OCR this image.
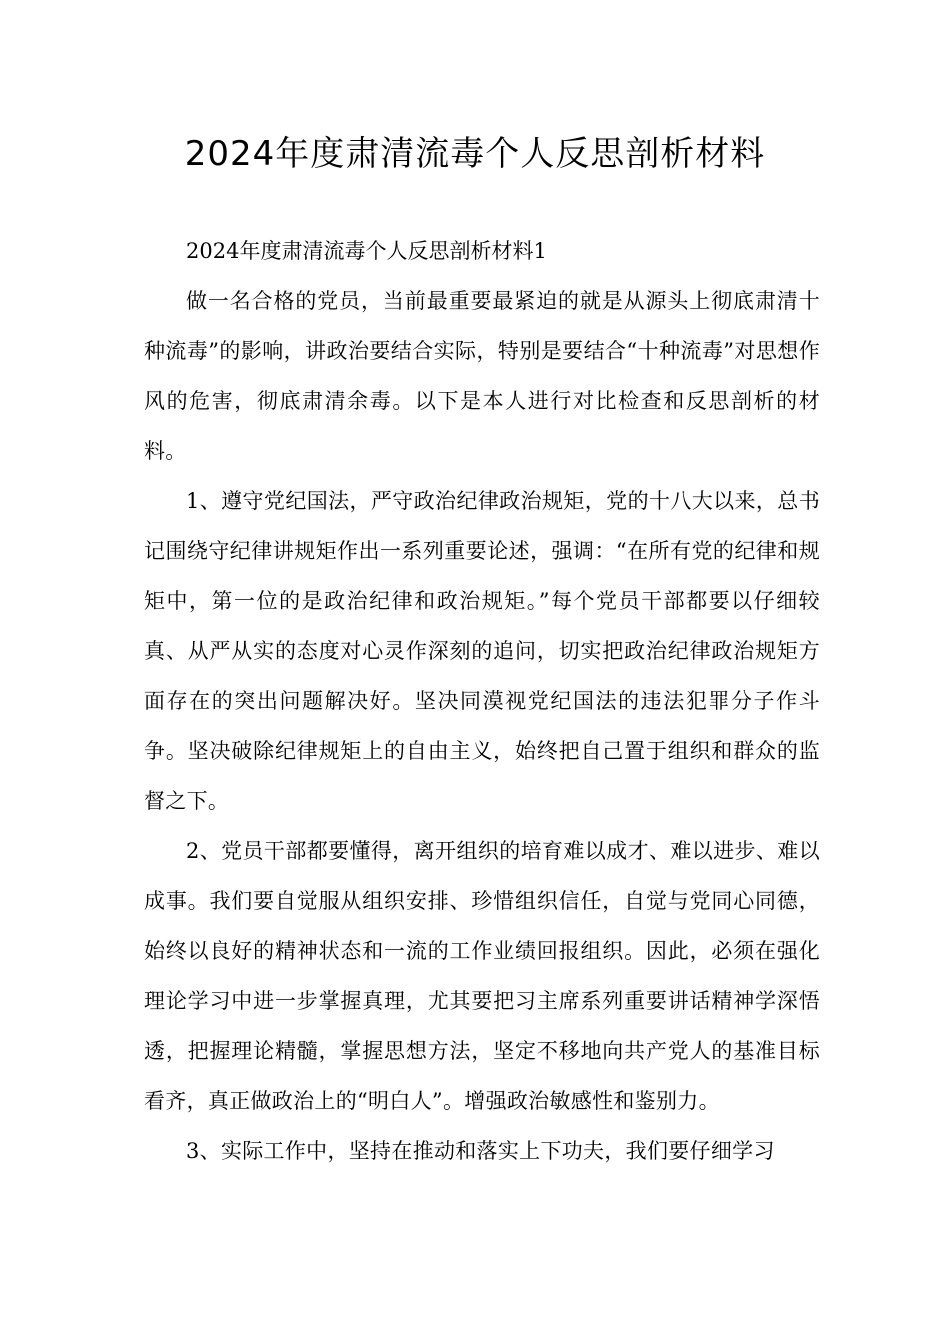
2024年度肃清流毒个人反思剖析材料

2024年度肃清流毒个人反思剖析材料1

做一名合格的党员，当前最重要最紧迫的就是从源头上彻底肃清十种流毒”的影响，讲政治要结合实际，特别是要结合“十种流毒”对思想作风的危害，彻底肃清余毒。以下是本人进行对比检查和反思剖析的材料。

1、遵守党纪国法，严守政治纪律政治规矩，党的十八大以来，总书记围绕守纪律讲规矩作出一系列重要论述，强调：“在所有党的纪律和规矩中，第一位的是政治纪律和政治规矩。”每个党员干部都要以仔细较真、从严从实的态度对心灵作深刻的追问，切实把政治纪律政治规矩方面存在的突出问题解决好。坚决同漠视党纪国法的违法犯罪分子作斗争。坚决破除纪律规矩上的自由主义，始终把自己置于组织和群众的监督之下。

2、党员干部都要懂得，离开组织的培育难以成才、难以进步、难以成事。我们要自觉服从组织安排、珍惜组织信任，自觉与党同心同德，始终以良好的精神状态和一流的工作业绩回报组织。因此，必须在强化理论学习中进一步掌握真理，尤其要把习主席系列重要讲话精神学深悟透，把握理论精髓，掌握思想方法，坚定不移地向共产党人的基准目标看齐，真正做政治上的“明白人”。增强政治敏感性和鉴别力。

3、实际工作中，坚持在推动和落实上下功夫，我们要仔细学习
